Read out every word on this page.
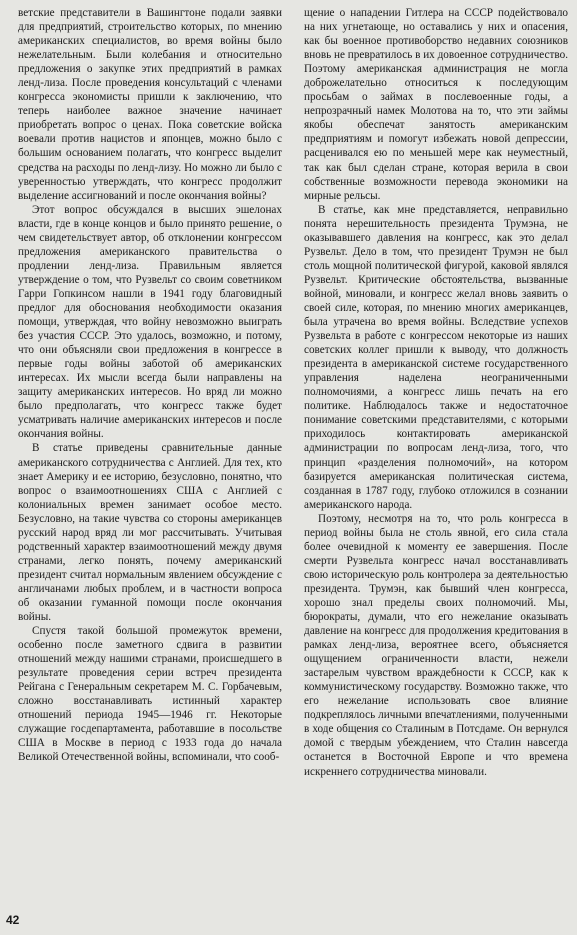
ветские представители в Вашингтоне подали заявки для предприятий, строительство которых, по мнению американских специалистов, во время войны было нежелательным. Были колебания и относительно предложения о закупке этих предприятий в рамках ленд-лиза. После проведения консультаций с членами конгресса экономисты пришли к заключению, что теперь наиболее важное значение начинает приобретать вопрос о ценах. Пока советские войска воевали против нацистов и японцев, можно было с большим основанием полагать, что конгресс выделит средства на расходы по ленд-лизу. Но можно ли было с уверенностью утверждать, что конгресс продолжит выделение ассигнований и после окончания войны?

Этот вопрос обсуждался в высших эшелонах власти, где в конце концов и было принято решение, о чем свидетельствует автор, об отклонении конгрессом предложения американского правительства о продлении ленд-лиза. Правильным является утверждение о том, что Рузвельт со своим советником Гарри Гопкинсом нашли в 1941 году благовидный предлог для обоснования необходимости оказания помощи, утверждая, что войну невозможно выиграть без участия СССР. Это удалось, возможно, и потому, что они объясняли свои предложения в конгрессе в первые годы войны заботой об американских интересах. Их мысли всегда были направлены на защиту американских интересов. Но вряд ли можно было предполагать, что конгресс также будет усматривать наличие американских интересов и после окончания войны.

В статье приведены сравнительные данные американского сотрудничества с Англией. Для тех, кто знает Америку и ее историю, безусловно, понятно, что вопрос о взаимоотношениях США с Англией с колониальных времен занимает особое место. Безусловно, на такие чувства со стороны американцев русский народ вряд ли мог рассчитывать. Учитывая родственный характер взаимоотношений между двумя странами, легко понять, почему американский президент считал нормальным явлением обсуждение с англичанами любых проблем, и в частности вопроса об оказании гуманной помощи после окончания войны.

Спустя такой большой промежуток времени, особенно после заметного сдвига в развитии отношений между нашими странами, происшедшего в результате проведения серии встреч президента Рейгана с Генеральным секретарем М. С. Горбачевым, сложно восстанавливать истинный характер отношений периода 1945—1946 гг. Некоторые служащие госдепартамента, работавшие в посольстве США в Москве в период с 1933 года до начала Великой Отечественной войны, вспоминали, что сооб-

щение о нападении Гитлера на СССР подействовало на них угнетающе, но оставались у них и опасения, как бы военное противоборство недавних союзников вновь не превратилось в их довоенное сотрудничество. Поэтому американская администрация не могла доброжелательно относиться к последующим просьбам о займах в послевоенные годы, а непрозрачный намек Молотова на то, что эти займы якобы обеспечат занятость американским предприятиям и помогут избежать новой депрессии, расценивался ею по меньшей мере как неуместный, так как был сделан стране, которая верила в свои собственные возможности перевода экономики на мирные рельсы.

В статье, как мне представляется, неправильно понята нерешительность президента Трумэна, не оказывавшего давления на конгресс, как это делал Рузвельт. Дело в том, что президент Трумэн не был столь мощной политической фигурой, каковой являлся Рузвельт. Критические обстоятельства, вызванные войной, миновали, и конгресс желал вновь заявить о своей силе, которая, по мнению многих американцев, была утрачена во время войны. Вследствие успехов Рузвельта в работе с конгрессом некоторые из наших советских коллег пришли к выводу, что должность президента в американской системе государственного управления наделена неограниченными полномочиями, а конгресс лишь печать на его политике. Наблюдалось также и недостаточное понимание советскими представителями, с которыми приходилось контактировать американской администрации по вопросам ленд-лиза, того, что принцип «разделения полномочий», на котором базируется американская политическая система, созданная в 1787 году, глубоко отложился в сознании американского народа.

Поэтому, несмотря на то, что роль конгресса в период войны была не столь явной, его сила стала более очевидной к моменту ее завершения. После смерти Рузвельта конгресс начал восстанавливать свою историческую роль контролера за деятельностью президента. Трумэн, как бывший член конгресса, хорошо знал пределы своих полномочий. Мы, бюрократы, думали, что его нежелание оказывать давление на конгресс для продолжения кредитования в рамках ленд-лиза, вероятнее всего, объясняется ощущением ограниченности власти, нежели застарелым чувством враждебности к СССР, как к коммунистическому государству. Возможно также, что его нежелание использовать свое влияние подкреплялось личными впечатлениями, полученными в ходе общения со Сталиным в Потсдаме. Он вернулся домой с твердым убеждением, что Сталин навсегда останется в Восточной Европе и что времена искреннего сотрудничества миновали.

42
